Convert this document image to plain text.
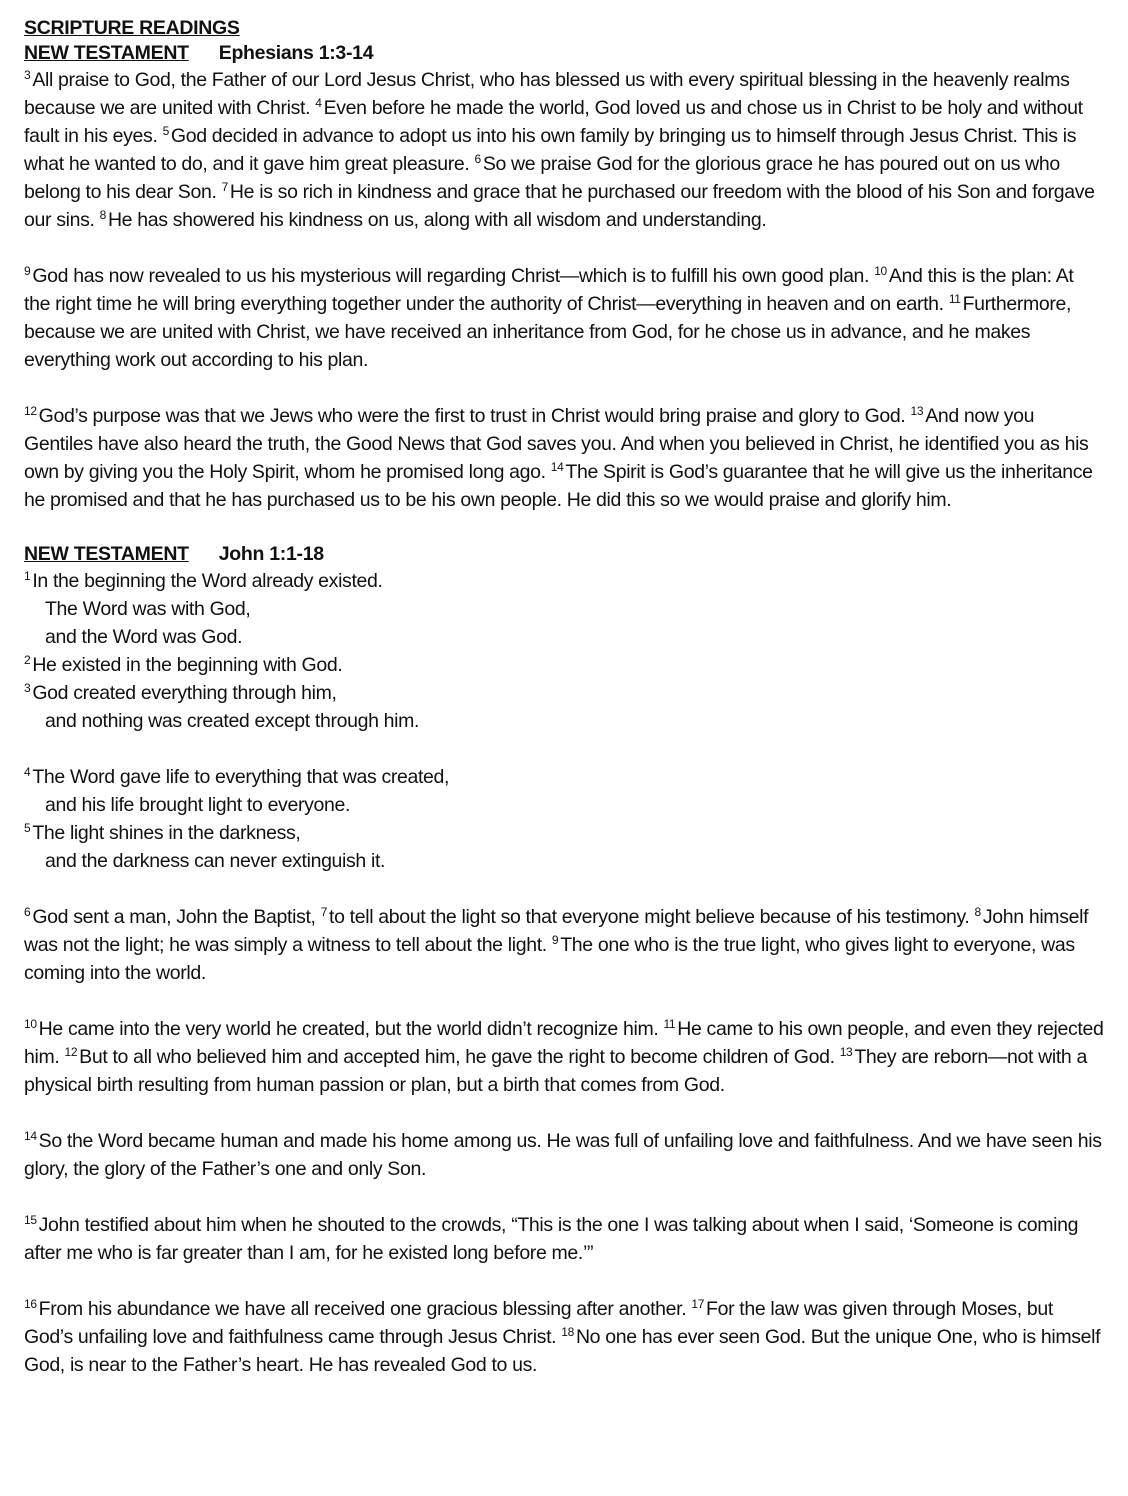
SCRIPTURE READINGS
NEW TESTAMENT Ephesians 1:3-14

$^3$ All praise to God, the Father of our Lord Jesus Christ, who has blessed us with every spiritual blessing in the heavenly realms because we are united with Christ. $^4$ Even before he made the world, God loved us and chose us in Christ to be holy and without fault in his eyes. $^5$ God decided in advance to adopt us into his own family by bringing us to himself through Jesus Christ. This is what he wanted to do, and it gave him great pleasure. $^6$ So we praise God for the glorious grace he has poured out on us who belong to his dear Son. $^7$ He is so rich in kindness and grace that he purchased our freedom with the blood of his Son and forgave our sins. $^8$ He has showered his kindness on us, along with all wisdom and understanding.

$^9$ God has now revealed to us his mysterious will regarding Christ—which is to fulfill his own good plan. $^{10}$ And this is the plan: At the right time he will bring everything together under the authority of Christ—everything in heaven and on earth. $^{11}$ Furthermore, because we are united with Christ, we have received an inheritance from God, for he chose us in advance, and he makes everything work out according to his plan.

$^{12}$ God’s purpose was that we Jews who were the first to trust in Christ would bring praise and glory to God. $^{13}$ And now you Gentiles have also heard the truth, the Good News that God saves you. And when you believed in Christ, he identified you as his own by giving you the Holy Spirit, whom he promised long ago. $^{14}$ The Spirit is God’s guarantee that he will give us the inheritance he promised and that he has purchased us to be his own people. He did this so we would praise and glorify him.

NEW TESTAMENT John 1:1-18
$^1$ In the beginning the Word already existed.
The Word was with God,
and the Word was God.
$^2$ He existed in the beginning with God.
$^3$ God created everything through him,
and nothing was created except through him.
$^4$ The Word gave life to everything that was created,
and his life brought light to everyone.
$^5$ The light shines in the darkness,
and the darkness can never extinguish it.

$^6$ God sent a man, John the Baptist, $^7$ to tell about the light so that everyone might believe because of his testimony. $^8$ John himself was not the light; he was simply a witness to tell about the light. $^9$ The one who is the true light, who gives light to everyone, was coming into the world.

$^{10}$ He came into the very world he created, but the world didn’t recognize him. $^{11}$ He came to his own people, and even they rejected him. $^{12}$ But to all who believed him and accepted him, he gave the right to become children of God. $^{13}$ They are reborn—not with a physical birth resulting from human passion or plan, but a birth that comes from God.

$^{14}$ So the Word became human and made his home among us. He was full of unfailing love and faithfulness. And we have seen his glory, the glory of the Father’s one and only Son.

$^{15}$ John testified about him when he shouted to the crowds, “This is the one I was talking about when I said, ‘Someone is coming after me who is far greater than I am, for he existed long before me.’”

$^{16}$ From his abundance we have all received one gracious blessing after another. $^{17}$ For the law was given through Moses, but God’s unfailing love and faithfulness came through Jesus Christ. $^{18}$ No one has ever seen God. But the unique One, who is himself God, is near to the Father’s heart. He has revealed God to us.
